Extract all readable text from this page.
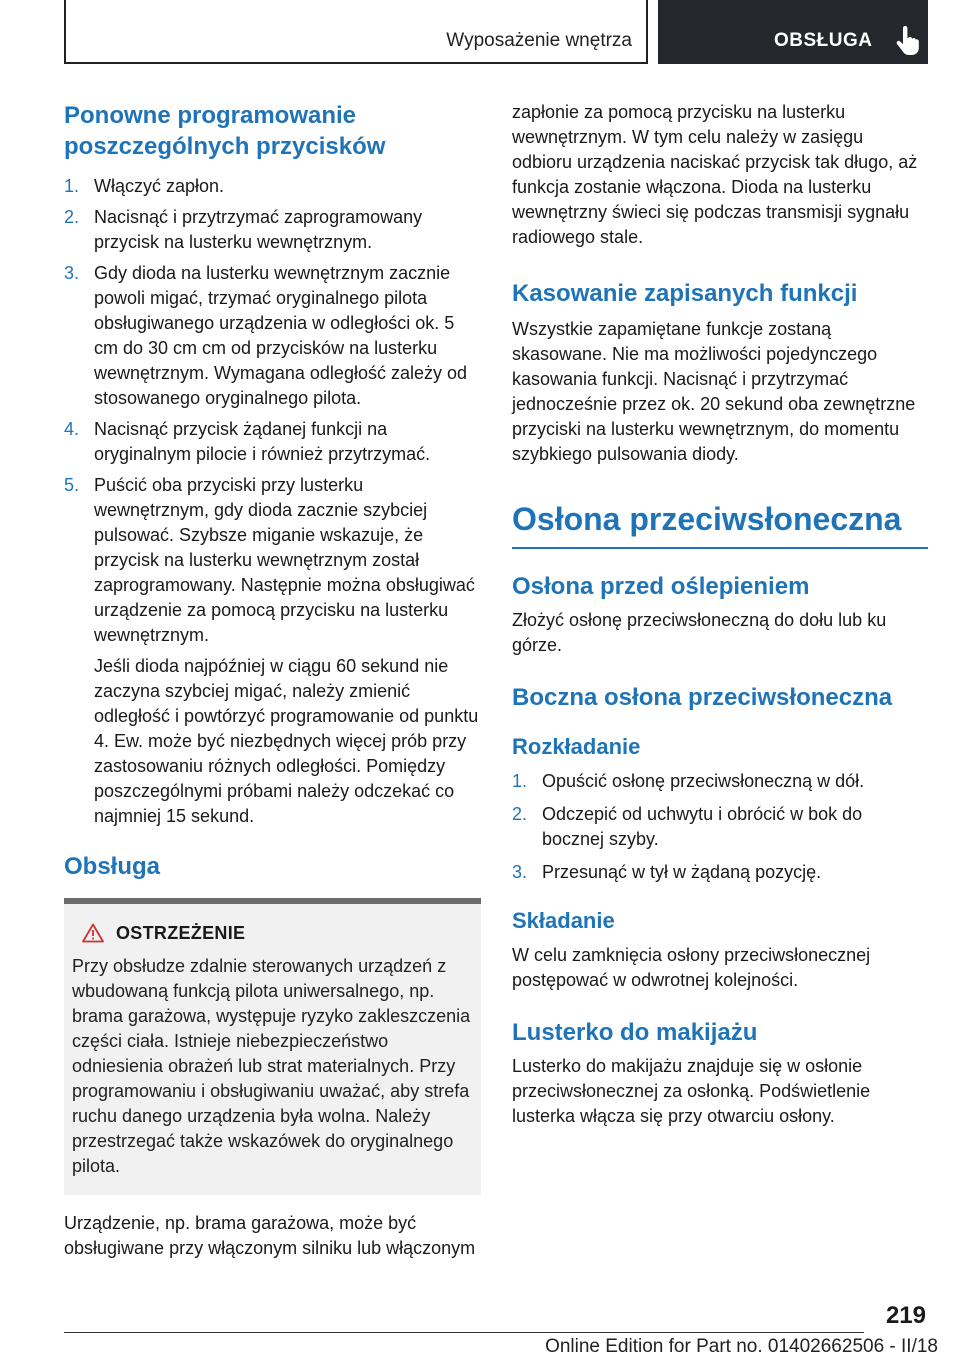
Wyposażenie wnętrza	OBSŁUGA
Ponowne programowanie poszczególnych przycisków
1. Włączyć zapłon.
2. Nacisnąć i przytrzymać zaprogramowany przycisk na lusterku wewnętrznym.
3. Gdy dioda na lusterku wewnętrznym zacznie powoli migać, trzymać oryginalnego pilota obsługiwanego urządzenia w odległości ok. 5 cm do 30 cm cm od przycisków na lusterku wewnętrznym. Wymagana odległość zależy od stosowanego oryginalnego pilota.
4. Nacisnąć przycisk żądanej funkcji na oryginalnym pilocie i również przytrzymać.
5. Puścić oba przyciski przy lusterku wewnętrznym, gdy dioda zacznie szybciej pulsować. Szybsze miganie wskazuje, że przycisk na lusterku wewnętrznym został zaprogramowany. Następnie można obsługiwać urządzenie za pomocą przycisku na lusterku wewnętrznym.
Jeśli dioda najpóźniej w ciągu 60 sekund nie zaczyna szybciej migać, należy zmienić odległość i powtórzyć programowanie od punktu 4. Ew. może być niezbędnych więcej prób przy zastosowaniu różnych odległości. Pomiędzy poszczególnymi próbami należy odczekać co najmniej 15 sekund.
Obsługa
OSTRZEŻENIE

Przy obsłudze zdalnie sterowanych urządzeń z wbudowaną funkcją pilota uniwersalnego, np. brama garażowa, występuje ryzyko zakleszczenia części ciała. Istnieje niebezpieczeństwo odniesienia obrażeń lub strat materialnych. Przy programowaniu i obsługiwaniu uważać, aby strefa ruchu danego urządzenia była wolna. Należy przestrzegać także wskazówek do oryginalnego pilota.

Urządzenie, np. brama garażowa, może być obsługiwane przy włączonym silniku lub włączonym

zapłonie za pomocą przycisku na lusterku wewnętrznym. W tym celu należy w zasięgu odbioru urządzenia naciskać przycisk tak długo, aż funkcja zostanie włączona. Dioda na lusterku wewnętrzny świeci się podczas transmisji sygnału radiowego stale.

Kasowanie zapisanych funkcji

Wszystkie zapamiętane funkcje zostaną skasowane. Nie ma możliwości pojedynczego kasowania funkcji. Nacisnąć i przytrzymać jednocześnie przez ok. 20 sekund oba zewnętrzne przyciski na lusterku wewnętrznym, do momentu szybkiego pulsowania diody.

Osłona przeciwsłoneczna
Osłona przed oślepieniem

Złożyć osłonę przeciwsłoneczną do dołu lub ku górze.

Boczna osłona przeciwsłoneczna
Rozkładanie
1. Opuścić osłonę przeciwsłoneczną w dół.
2. Odczepić od uchwytu i obrócić w bok do bocznej szyby.
3. Przesunąć w tył w żądaną pozycję.
Składanie

W celu zamknięcia osłony przeciwsłonecznej postępować w odwrotnej kolejności.

Lusterko do makijażu

Lusterko do makijażu znajduje się w osłonie przeciwsłonecznej za osłonką. Podświetlenie lusterka włącza się przy otwarciu osłony.

219
Online Edition for Part no. 01402662506 - II/18
